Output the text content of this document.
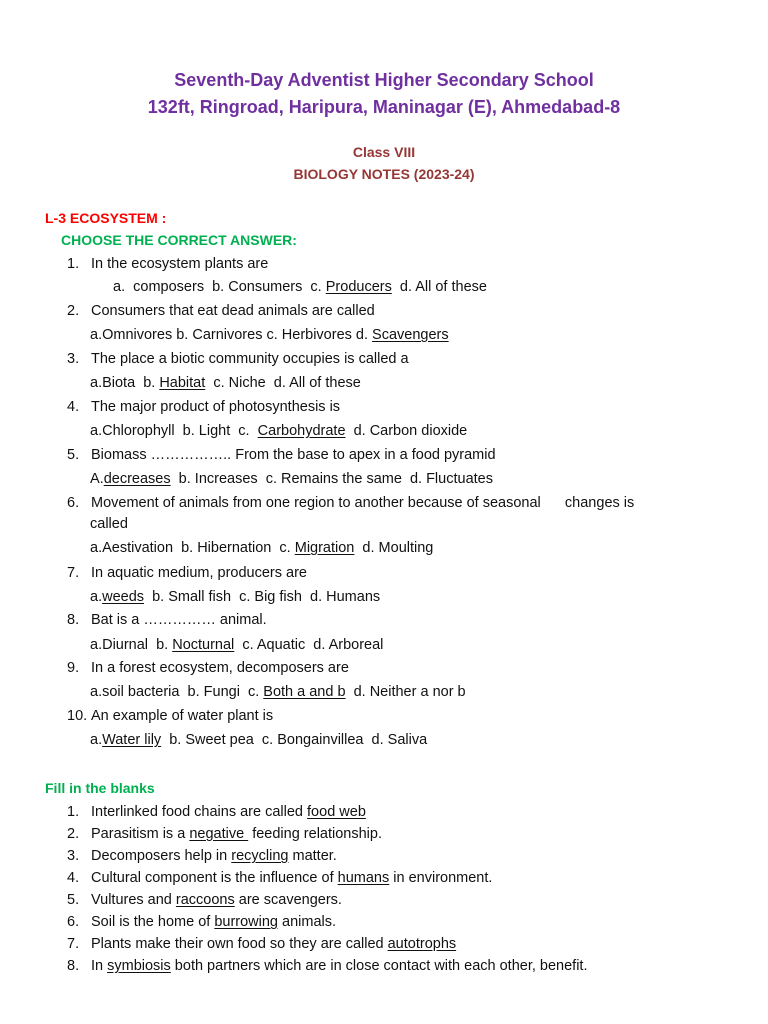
Seventh-Day Adventist Higher Secondary School
132ft, Ringroad, Haripura, Maninagar (E), Ahmedabad-8
Class VIII
BIOLOGY NOTES (2023-24)
L-3 ECOSYSTEM :
CHOOSE THE CORRECT ANSWER:
1. In the ecosystem plants are
a.  composers  b. Consumers  c. Producers  d. All of these
2. Consumers that eat dead animals are called
a.Omnivores b. Carnivores c. Herbivores d. Scavengers
3. The place a biotic community occupies is called a
a.Biota  b. Habitat  c. Niche  d. All of these
4. The major product of photosynthesis is
a.Chlorophyll  b. Light  c.  Carbohydrate  d. Carbon dioxide
5. Biomass …………….. From the base to apex in a food pyramid
A.decreases  b. Increases  c. Remains the same  d. Fluctuates
6. Movement of animals from one region to another because of seasonal      changes is
called
a.Aestivation  b. Hibernation  c. Migration  d. Moulting
7. In aquatic medium, producers are
a.weeds  b. Small fish  c. Big fish  d. Humans
8. Bat is a …………… animal.
a.Diurnal  b. Nocturnal  c. Aquatic  d. Arboreal
9. In a forest ecosystem, decomposers are
a.soil bacteria  b. Fungi  c. Both a and b  d. Neither a nor b
10. An example of water plant is
a.Water lily  b. Sweet pea  c. Bongainvillea  d. Saliva
Fill in the blanks
1. Interlinked food chains are called food web
2. Parasitism is a negative  feeding relationship.
3. Decomposers help in recycling matter.
4. Cultural component is the influence of humans in environment.
5. Vultures and raccoons are scavengers.
6. Soil is the home of burrowing animals.
7. Plants make their own food so they are called autotrophs
8. In symbiosis both partners which are in close contact with each other, benefit.
